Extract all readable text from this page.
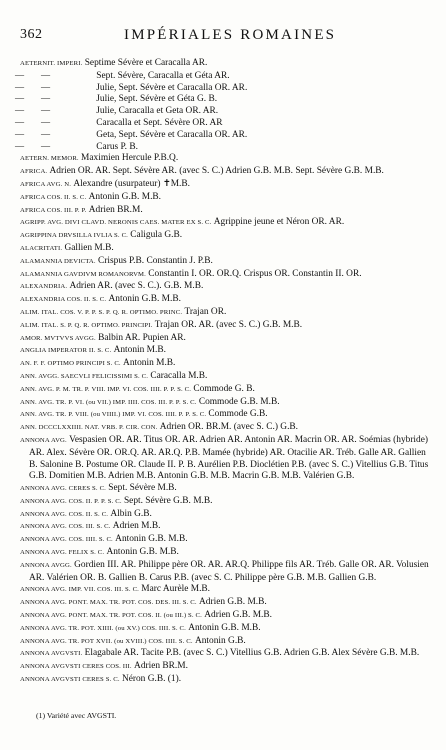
362	IMPÉRIALES ROMAINES
AETERNIT. IMPERI. Septime Sévère et Caracalla AR.
— —	Sept. Sévère, Caracalla et Géta AR.
— —	Julie, Sept. Sévère et Caracalla OR. AR.
— —	Julie, Sept. Sévère et Géta G. B.
— —	Julie, Caracalla et Geta OR. AR.
— —	Caracalla et Sept. Sévère OR. AR
— —	Geta, Sept. Sévère et Caracalla OR. AR.
— —	Carus P. B.
AETERN. MEMOR. Maximien Hercule P.B.Q.
AFRICA. Adrien OR. AR. Sept. Sévère AR. (avec S. C.) Adrien G.B. M.B. Sept. Sévère G.B. M.B.
AFRICA AVG. N. Alexandre (usurpateur) ✝M.B.
AFRICA COS. II. S. C. Antonin G.B. M.B.
AFRICA COS. III. P. P. Adrien BR.M.
AGRIPP. AVG. DIVI CLAVD. NERONIS CAES. MATER EX S. C. Agrippine jeune et Néron OR. AR.
AGRIPPINA DRVSILLA IVLIA S. C. Caligula G.B.
ALACRITATI. Gallien M.B.
ALAMANNIA DEVICTA. Crispus P.B. Constantin J. P.B.
ALAMANNIA GAVDIVM ROMANORVM. Constantin I. OR. OR.Q. Crispus OR. Constantin II. OR.
ALEXANDRIA. Adrien AR. (avec S. C.). G.B. M.B.
ALEXANDRIA COS. II. S. C. Antonin G.B. M.B.
ALIM. ITAL. COS. V. P. P. S. P. Q. R. OPTIMO. PRINC. Trajan OR.
ALIM. ITAL. S. P. Q. R. OPTIMO. PRINCIPI. Trajan OR. AR. (avec S. C.) G.B. M.B.
AMOR. MVTVVS AVGG. Balbin AR. Pupien AR.
ANGLIA IMPERATOR II. S. C. Antonin M.B.
AN. F. F. OPTIMO PRINCIPI S. C. Antonin M.B.
ANN. AVGG. SAECVLI FELICISSIMI S. C. Caracalla M.B.
ANN. AVG. P. M. TR. P. VIII. IMP. VI. COS. IIII. P. P. S. C. Commode G. B.
ANN. AVG. TR. P. VI. (ou VII.) IMP. IIII. COS. III. P. P. S. C. Commode G.B. M.B.
ANN. AVG. TR. P. VIII. (ou VIIII.) IMP. VI. COS. IIII. P. P. S. C. Commode G.B.
ANN. DCCCLXXIIII. NAT. VRB. P. CIR. CON. Adrien OR. BR.M. (avec S. C.) G.B.
ANNONA AVG. Vespasien OR. AR. Titus OR. AR. Adrien AR. Antonin AR. Macrin OR. AR. Soémias (hybride) AR. Alex. Sévère OR. OR.Q. AR. AR.Q. P.B. Mamée (hybride) AR. Otacilie AR. Tréb. Galle AR. Gallien B. Salonine B. Postume OR. Claude II. P. B. Aurélien P.B. Dioclétien P.B. (avec S. C.) Vitellius G.B. Titus G.B. Domitien M.B. Adrien M.B. Antonin G.B. M.B. Macrin G.B. M.B. Valérien G.B.
ANNONA AVG. CERES S. C. Sept. Sévère M.B.
ANNONA AVG. COS. II. P. P. S. C. Sept. Sévère G.B. M.B.
ANNONA AVG. COS. II. S. C. Albin G.B.
ANNONA AVG. COS. III. S. C. Adrien M.B.
ANNONA AVG. COS. IIII. S. C. Antonin G.B. M.B.
ANNONA AVG. FELIX S. C. Antonin G.B. M.B.
ANNONA AVGG. Gordien III. AR. Philippe père OR. AR. AR.Q. Philippe fils AR. Tréb. Galle OR. AR. Volusien AR. Valérien OR. B. Gallien B. Carus P.B. (avec S. C. Philippe père G.B. M.B. Gallien G.B.
ANNONA AVG. IMP. VII. COS. III. S. C. Marc Aurèle M.B.
ANNONA AVG. PONT. MAX. TR. POT. COS. DES. III. S. C. Adrien G.B. M.B.
ANNONA AVG. PONT. MAX. TR. POT. COS. II. (ou III.) S. C. Adrien G.B. M.B.
ANNONA AVG. TR. POT. XIIII. (ou XV.) COS. IIII. S. C. Antonin G.B. M.B.
ANNONA AVG. TR. POT XVII. (ou XVIII.) COS. IIII. S. C. Antonin G.B.
ANNONA AVGVSTI. Elagabale AR. Tacite P.B. (avec S. C.) Vitellius G.B. Adrien G.B. Alex Sévère G.B. M.B.
ANNONA AVGVSTI CERES COS. III. Adrien BR.M.
ANNONA AVGVSTI CERES S. C. Néron G.B. (1).
(1) Variété avec AVGSTI.
